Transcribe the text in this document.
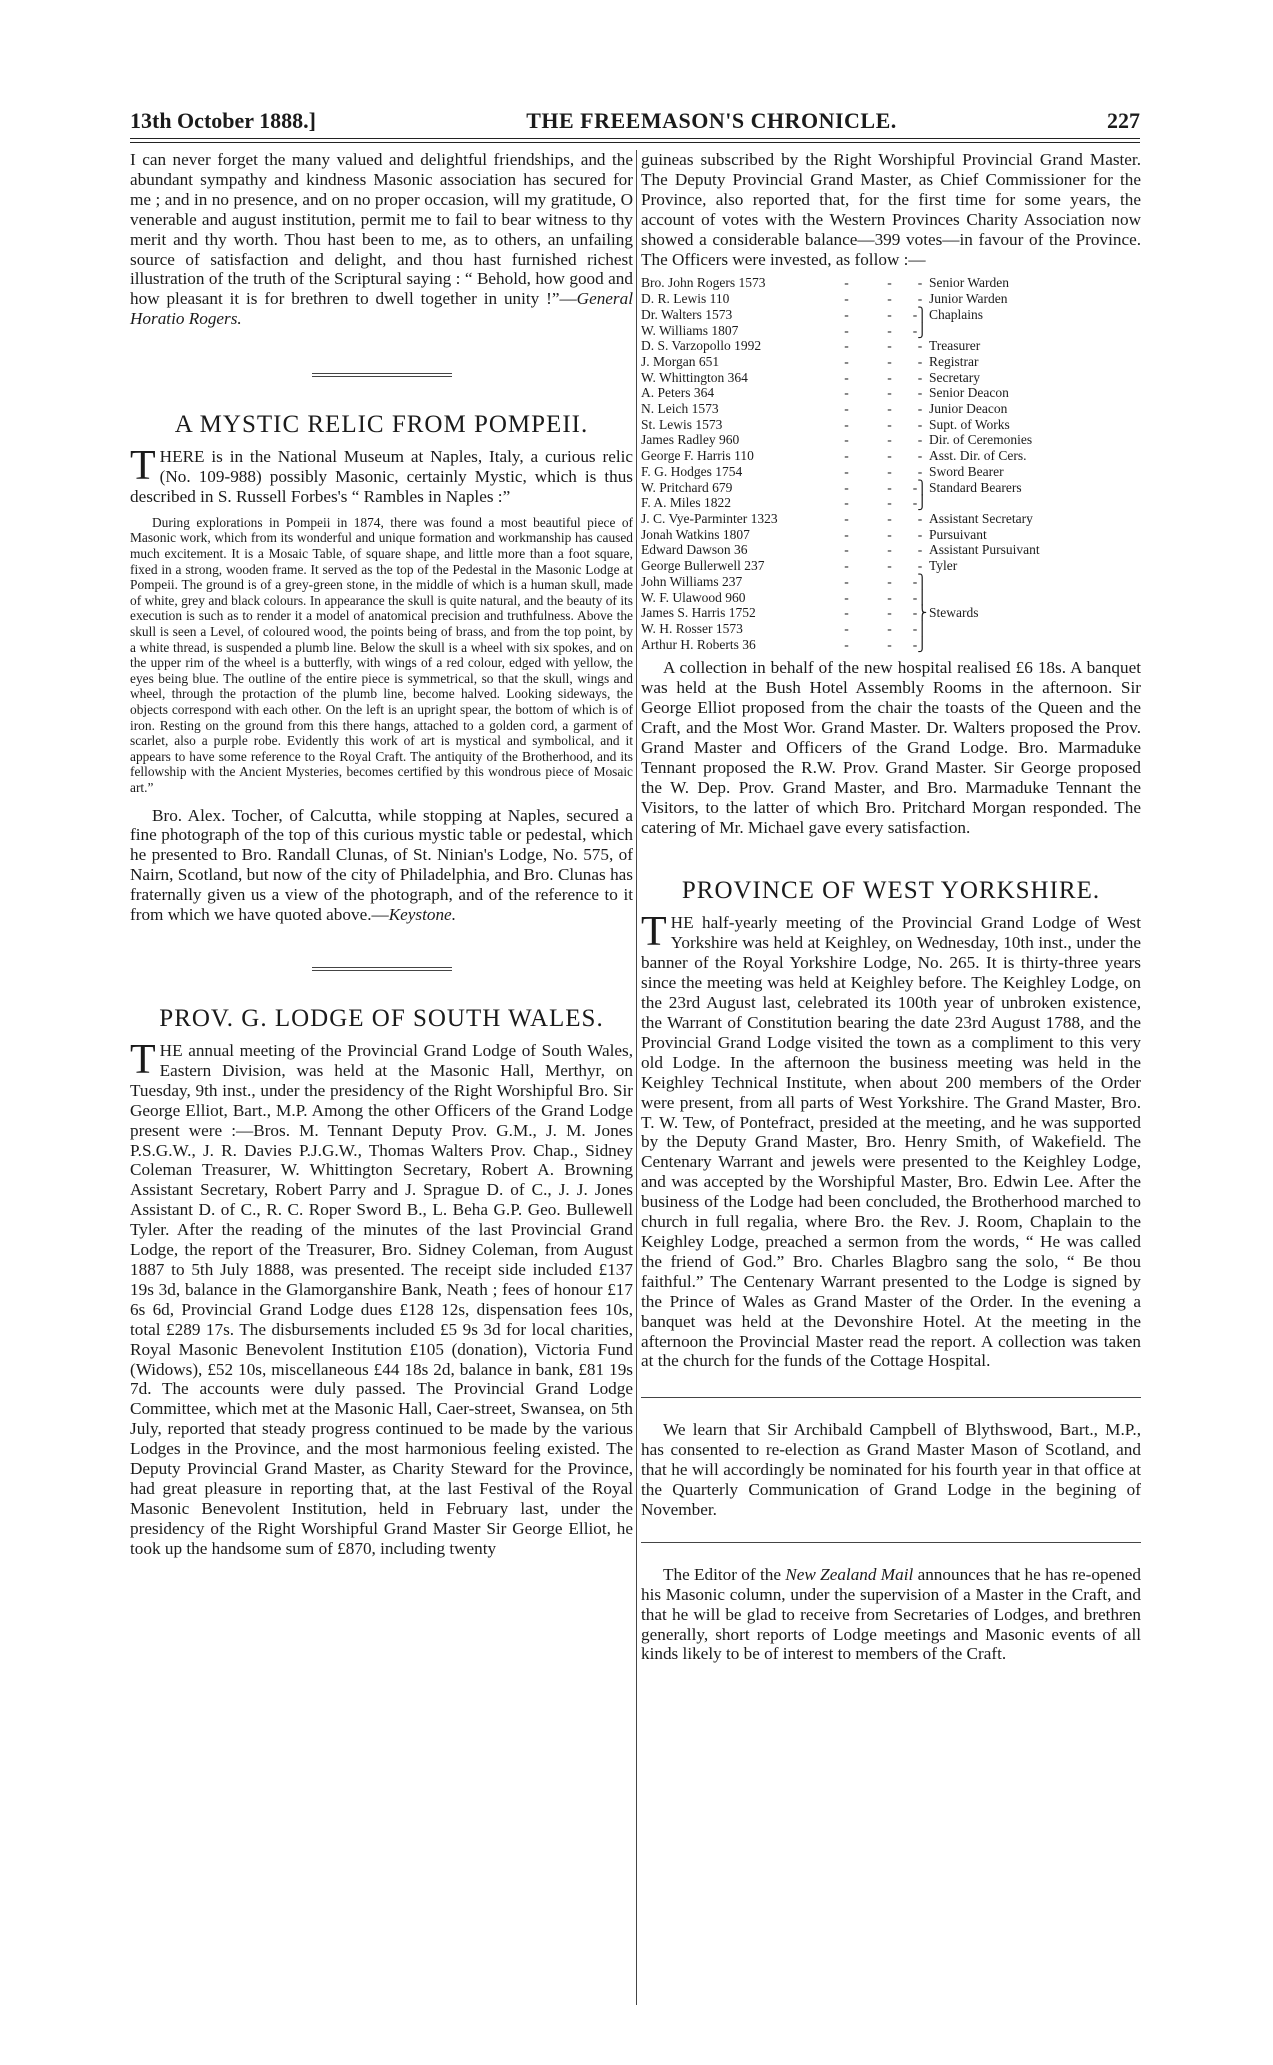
13th October 1888.]	THE FREEMASON'S CHRONICLE.	227

I can never forget the many valued and delightful friendships, and the abundant sympathy and kindness Masonic association has secured for me ; and in no presence, and on no proper occasion, will my gratitude, O venerable and august institution, permit me to fail to bear witness to thy merit and thy worth. Thou hast been to me, as to others, an unfailing source of satisfaction and delight, and thou hast furnished richest illustration of the truth of the Scriptural saying : “ Behold, how good and how pleasant it is for brethren to dwell together in unity !”—General Horatio Rogers.

A MYSTIC RELIC FROM POMPEII.

THERE is in the National Museum at Naples, Italy, a curious relic (No. 109-988) possibly Masonic, certainly Mystic, which is thus described in S. Russell Forbes's “ Rambles in Naples :”

During explorations in Pompeii in 1874, there was found a most beautiful piece of Masonic work, which from its wonderful and unique formation and workmanship has caused much excitement. It is a Mosaic Table, of square shape, and little more than a foot square, fixed in a strong, wooden frame. It served as the top of the Pedestal in the Masonic Lodge at Pompeii. The ground is of a grey-green stone, in the middle of which is a human skull, made of white, grey and black colours. In appearance the skull is quite natural, and the beauty of its execution is such as to render it a model of anatomical precision and truthfulness. Above the skull is seen a Level, of coloured wood, the points being of brass, and from the top point, by a white thread, is suspended a plumb line. Below the skull is a wheel with six spokes, and on the upper rim of the wheel is a butterfly, with wings of a red colour, edged with yellow, the eyes being blue. The outline of the entire piece is symmetrical, so that the skull, wings and wheel, through the protaction of the plumb line, become halved. Looking sideways, the objects correspond with each other. On the left is an upright spear, the bottom of which is of iron. Resting on the ground from this there hangs, attached to a golden cord, a garment of scarlet, also a purple robe. Evidently this work of art is mystical and symbolical, and it appears to have some reference to the Royal Craft. The antiquity of the Brotherhood, and its fellowship with the Ancient Mysteries, becomes certified by this wondrous piece of Mosaic art.”

Bro. Alex. Tocher, of Calcutta, while stopping at Naples, secured a fine photograph of the top of this curious mystic table or pedestal, which he presented to Bro. Randall Clunas, of St. Ninian's Lodge, No. 575, of Nairn, Scotland, but now of the city of Philadelphia, and Bro. Clunas has fraternally given us a view of the photograph, and of the reference to it from which we have quoted above.—Keystone.

PROV. G. LODGE OF SOUTH WALES.

THE annual meeting of the Provincial Grand Lodge of South Wales, Eastern Division, was held at the Masonic Hall, Merthyr, on Tuesday, 9th inst., under the presidency of the Right Worshipful Bro. Sir George Elliot, Bart., M.P. Among the other Officers of the Grand Lodge present were :—Bros. M. Tennant Deputy Prov. G.M., J. M. Jones P.S.G.W., J. R. Davies P.J.G.W., Thomas Walters Prov. Chap., Sidney Coleman Treasurer, W. Whittington Secretary, Robert A. Browning Assistant Secretary, Robert Parry and J. Sprague D. of C., J. J. Jones Assistant D. of C., R. C. Roper Sword B., L. Beha G.P. Geo. Bullewell Tyler. After the reading of the minutes of the last Provincial Grand Lodge, the report of the Treasurer, Bro. Sidney Coleman, from August 1887 to 5th July 1888, was presented. The receipt side included £137 19s 3d, balance in the Glamorganshire Bank, Neath ; fees of honour £17 6s 6d, Provincial Grand Lodge dues £128 12s, dispensation fees 10s, total £289 17s. The disbursements included £5 9s 3d for local charities, Royal Masonic Benevolent Institution £105 (donation), Victoria Fund (Widows), £52 10s, miscellaneous £44 18s 2d, balance in bank, £81 19s 7d. The accounts were duly passed. The Provincial Grand Lodge Committee, which met at the Masonic Hall, Caer-street, Swansea, on 5th July, reported that steady progress continued to be made by the various Lodges in the Province, and the most harmonious feeling existed. The Deputy Provincial Grand Master, as Charity Steward for the Province, had great pleasure in reporting that, at the last Festival of the Royal Masonic Benevolent Institution, held in February last, under the presidency of the Right Worshipful Grand Master Sir George Elliot, he took up the handsome sum of £870, including twenty

guineas subscribed by the Right Worshipful Provincial Grand Master. The Deputy Provincial Grand Master, as Chief Commissioner for the Province, also reported that, for the first time for some years, the account of votes with the Western Provinces Charity Association now showed a considerable balance—399 votes—in favour of the Province. The Officers were invested, as follow :—

Bro. John Rogers 1573	-	-	- Senior Warden
D. R. Lewis 110	-	-	- Junior Warden
Dr. Walters 1573	-	-	-⎫ Chaplains
W. Williams 1807	-	-	-⎭
D. S. Varzopollo 1992	-	-	- Treasurer
J. Morgan 651	-	-	- Registrar
W. Whittington 364	-	-	- Secretary
A. Peters 364	-	-	- Senior Deacon
N. Leich 1573	-	-	- Junior Deacon
St. Lewis 1573	-	-	- Supt. of Works
James Radley 960	-	-	- Dir. of Ceremonies
George F. Harris 110	-	-	- Asst. Dir. of Cers.
F. G. Hodges 1754	-	-	- Sword Bearer
W. Pritchard 679	-	-	-⎫ Standard Bearers
F. A. Miles 1822	-	-	-⎭
J. C. Vye-Parminter 1323	-	-	- Assistant Secretary
Jonah Watkins 1807	-	-	- Pursuivant
Edward Dawson 36	-	-	- Assistant Pursuivant
George Bullerwell 237	-	-	- Tyler
John Williams 237	-	-	-⎫
W. F. Ulawood 960	-	-	-⎪
James S. Harris 1752	-	-	-⎬ Stewards
W. H. Rosser 1573	-	-	-⎪
Arthur H. Roberts 36	-	-	-⎭

A collection in behalf of the new hospital realised £6 18s. A banquet was held at the Bush Hotel Assembly Rooms in the afternoon. Sir George Elliot proposed from the chair the toasts of the Queen and the Craft, and the Most Wor. Grand Master. Dr. Walters proposed the Prov. Grand Master and Officers of the Grand Lodge. Bro. Marmaduke Tennant proposed the R.W. Prov. Grand Master. Sir George proposed the W. Dep. Prov. Grand Master, and Bro. Marmaduke Tennant the Visitors, to the latter of which Bro. Pritchard Morgan responded. The catering of Mr. Michael gave every satisfaction.

PROVINCE OF WEST YORKSHIRE.

THE half-yearly meeting of the Provincial Grand Lodge of West Yorkshire was held at Keighley, on Wednesday, 10th inst., under the banner of the Royal Yorkshire Lodge, No. 265. It is thirty-three years since the meeting was held at Keighley before. The Keighley Lodge, on the 23rd August last, celebrated its 100th year of unbroken existence, the Warrant of Constitution bearing the date 23rd August 1788, and the Provincial Grand Lodge visited the town as a compliment to this very old Lodge. In the afternoon the business meeting was held in the Keighley Technical Institute, when about 200 members of the Order were present, from all parts of West Yorkshire. The Grand Master, Bro. T. W. Tew, of Pontefract, presided at the meeting, and he was supported by the Deputy Grand Master, Bro. Henry Smith, of Wakefield. The Centenary Warrant and jewels were presented to the Keighley Lodge, and was accepted by the Worshipful Master, Bro. Edwin Lee. After the business of the Lodge had been concluded, the Brotherhood marched to church in full regalia, where Bro. the Rev. J. Room, Chaplain to the Keighley Lodge, preached a sermon from the words, “ He was called the friend of God.” Bro. Charles Blagbro sang the solo, “ Be thou faithful.” The Centenary Warrant presented to the Lodge is signed by the Prince of Wales as Grand Master of the Order. In the evening a banquet was held at the Devonshire Hotel. At the meeting in the afternoon the Provincial Master read the report. A collection was taken at the church for the funds of the Cottage Hospital.

We learn that Sir Archibald Campbell of Blythswood, Bart., M.P., has consented to re-election as Grand Master Mason of Scotland, and that he will accordingly be nominated for his fourth year in that office at the Quarterly Communication of Grand Lodge in the begining of November.

The Editor of the New Zealand Mail announces that he has re-opened his Masonic column, under the supervision of a Master in the Craft, and that he will be glad to receive from Secretaries of Lodges, and brethren generally, short reports of Lodge meetings and Masonic events of all kinds likely to be of interest to members of the Craft.
